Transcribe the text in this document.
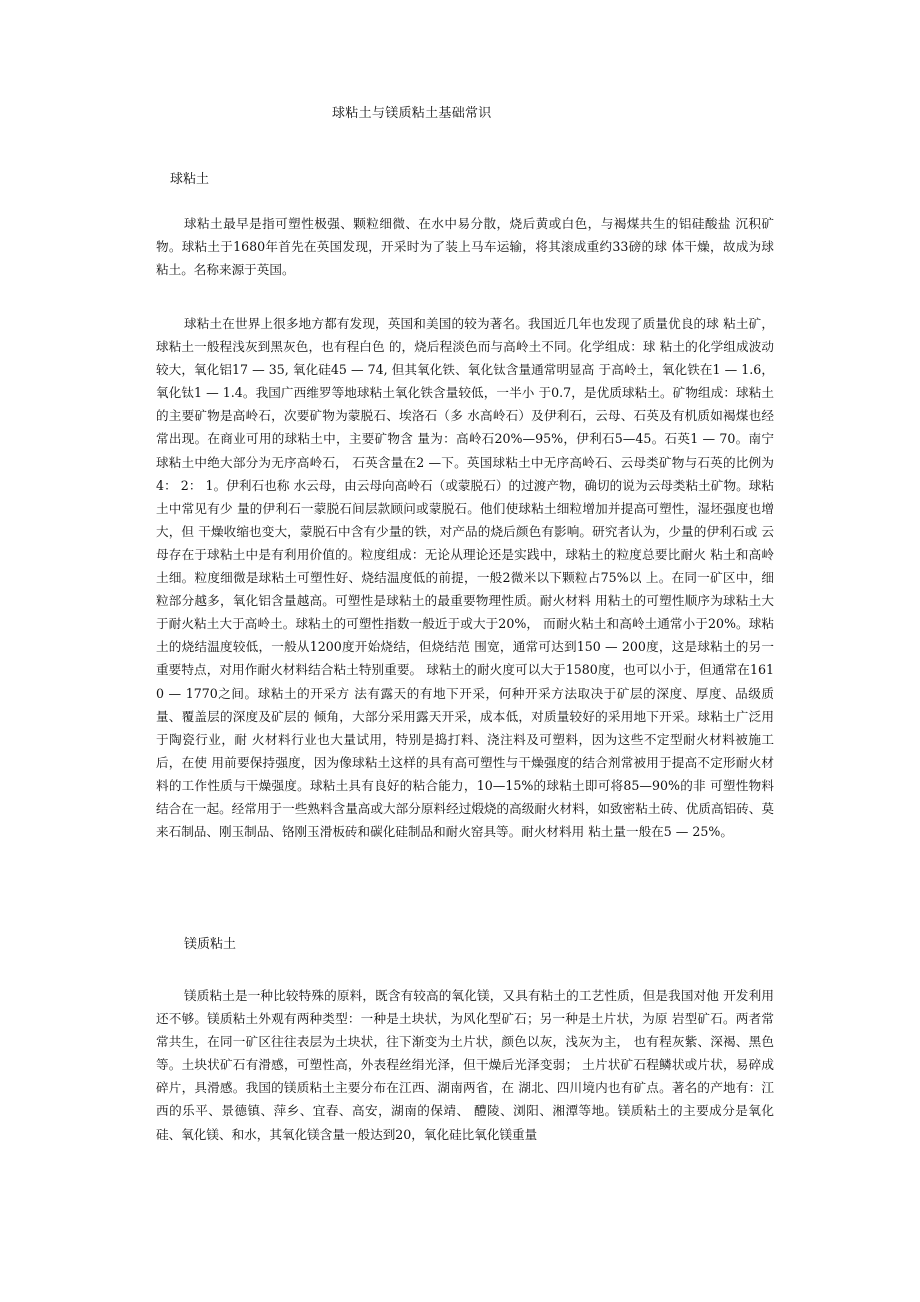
球粘土与镁质粘土基础常识
球粘土

球粘土最早是指可塑性极强、颗粒细微、在水中易分散，烧后黄或白色，与褐煤共生的铝硅酸盐 沉积矿物。球粘土于1680年首先在英国发现，开采时为了装上马车运输，将其滚成重约33磅的球 体干燥，故成为球粘土。名称来源于英国。

球粘土在世界上很多地方都有发现，英国和美国的较为著名。我国近几年也发现了质量优良的球 粘土矿，球粘土一般程浅灰到黑灰色，也有程白色 的，烧后程淡色而与高岭土不同。化学组成：球 粘土的化学组成波动较大，氧化铝17 — 35, 氧化硅45 — 74, 但其氧化铁、氧化钛含量通常明显高 于高岭土，氧化铁在1 — 1.6，氧化钛1 — 1.4。我国广西维罗等地球粘土氧化铁含量较低，一半小 于0.7，是优质球粘土。矿物组成：球粘土的主要矿物是高岭石，次要矿物为蒙脱石、埃洛石（多 水高岭石）及伊利石，云母、石英及有机质如褐煤也经常出现。在商业可用的球粘土中，主要矿物含 量为：高岭石20%—95%，伊利石5—45。石英1 — 70。南宁球粘土中绝大部分为无序高岭石， 石英含量在2 —下。英国球粘土中无序高岭石、云母类矿物与石英的比例为4： 2： 1。伊利石也称 水云母，由云母向高岭石（或蒙脱石）的过渡产物，确切的说为云母类粘土矿物。球粘土中常见有少 量的伊利石一蒙脱石间层款顾问或蒙脱石。他们使球粘土细粒增加并提高可塑性，湿坯强度也增大，但 干燥收缩也变大，蒙脱石中含有少量的铁，对产品的烧后颜色有影响。研究者认为，少量的伊利石或 云母存在于球粘土中是有利用价值的。粒度组成：无论从理论还是实践中，球粘土的粒度总要比耐火 粘土和高岭土细。粒度细微是球粘土可塑性好、烧结温度低的前提，一般2微米以下颗粒占75%以 上。在同一矿区中，细粒部分越多，氧化铝含量越高。可塑性是球粘土的最重要物理性质。耐火材料 用粘土的可塑性顺序为球粘土大于耐火粘土大于高岭土。球粘土的可塑性指数一般近于或大于20%， 而耐火粘土和高岭土通常小于20%。球粘土的烧结温度较低，一般从1200度开始烧结，但烧结范 围宽，通常可达到150 — 200度，这是球粘土的另一重要特点，对用作耐火材料结合粘土特别重要。 球粘土的耐火度可以大于1580度，也可以小于，但通常在1610 — 1770之间。球粘土的开采方 法有露天的有地下开采，何种开采方法取决于矿层的深度、厚度、品级质量、覆盖层的深度及矿层的 倾角，大部分采用露天开采，成本低，对质量较好的采用地下开采。球粘土广泛用于陶瓷行业，耐 火材料行业也大量试用，特别是捣打料、浇注料及可塑料，因为这些不定型耐火材料被施工后，在使 用前要保持强度，因为像球粘土这样的具有高可塑性与干燥强度的结合剂常被用于提高不定形耐火材 料的工作性质与干燥强度。球粘土具有良好的粘合能力，10—15%的球粘土即可将85—90%的非 可塑性物料结合在一起。经常用于一些熟料含量高或大部分原料经过煅烧的高级耐火材料，如致密粘土砖、优质高铝砖、莫来石制品、刚玉制品、铬刚玉滑板砖和碳化硅制品和耐火窑具等。耐火材料用 粘土量一般在5 — 25%。

镁质粘土

镁质粘土是一种比较特殊的原料，既含有较高的氧化镁，又具有粘土的工艺性质，但是我国对他 开发利用还不够。镁质粘土外观有两种类型：一种是土块状，为风化型矿石；另一种是土片状，为原 岩型矿石。两者常常共生，在同一矿区往往表层为土块状，往下渐变为土片状，颜色以灰，浅灰为主， 也有程灰紫、深褐、黑色等。土块状矿石有滑感，可塑性高，外表程丝绢光泽，但干燥后光泽变弱； 土片状矿石程鳞状或片状，易碎成碎片，具滑感。我国的镁质粘土主要分布在江西、湖南两省，在 湖北、四川境内也有矿点。著名的产地有：江西的乐平、景德镇、萍乡、宜春、高安，湖南的保靖、 醴陵、浏阳、湘潭等地。镁质粘土的主要成分是氧化硅、氧化镁、和水，其氧化镁含量一般达到20，氧化硅比氧化镁重量
